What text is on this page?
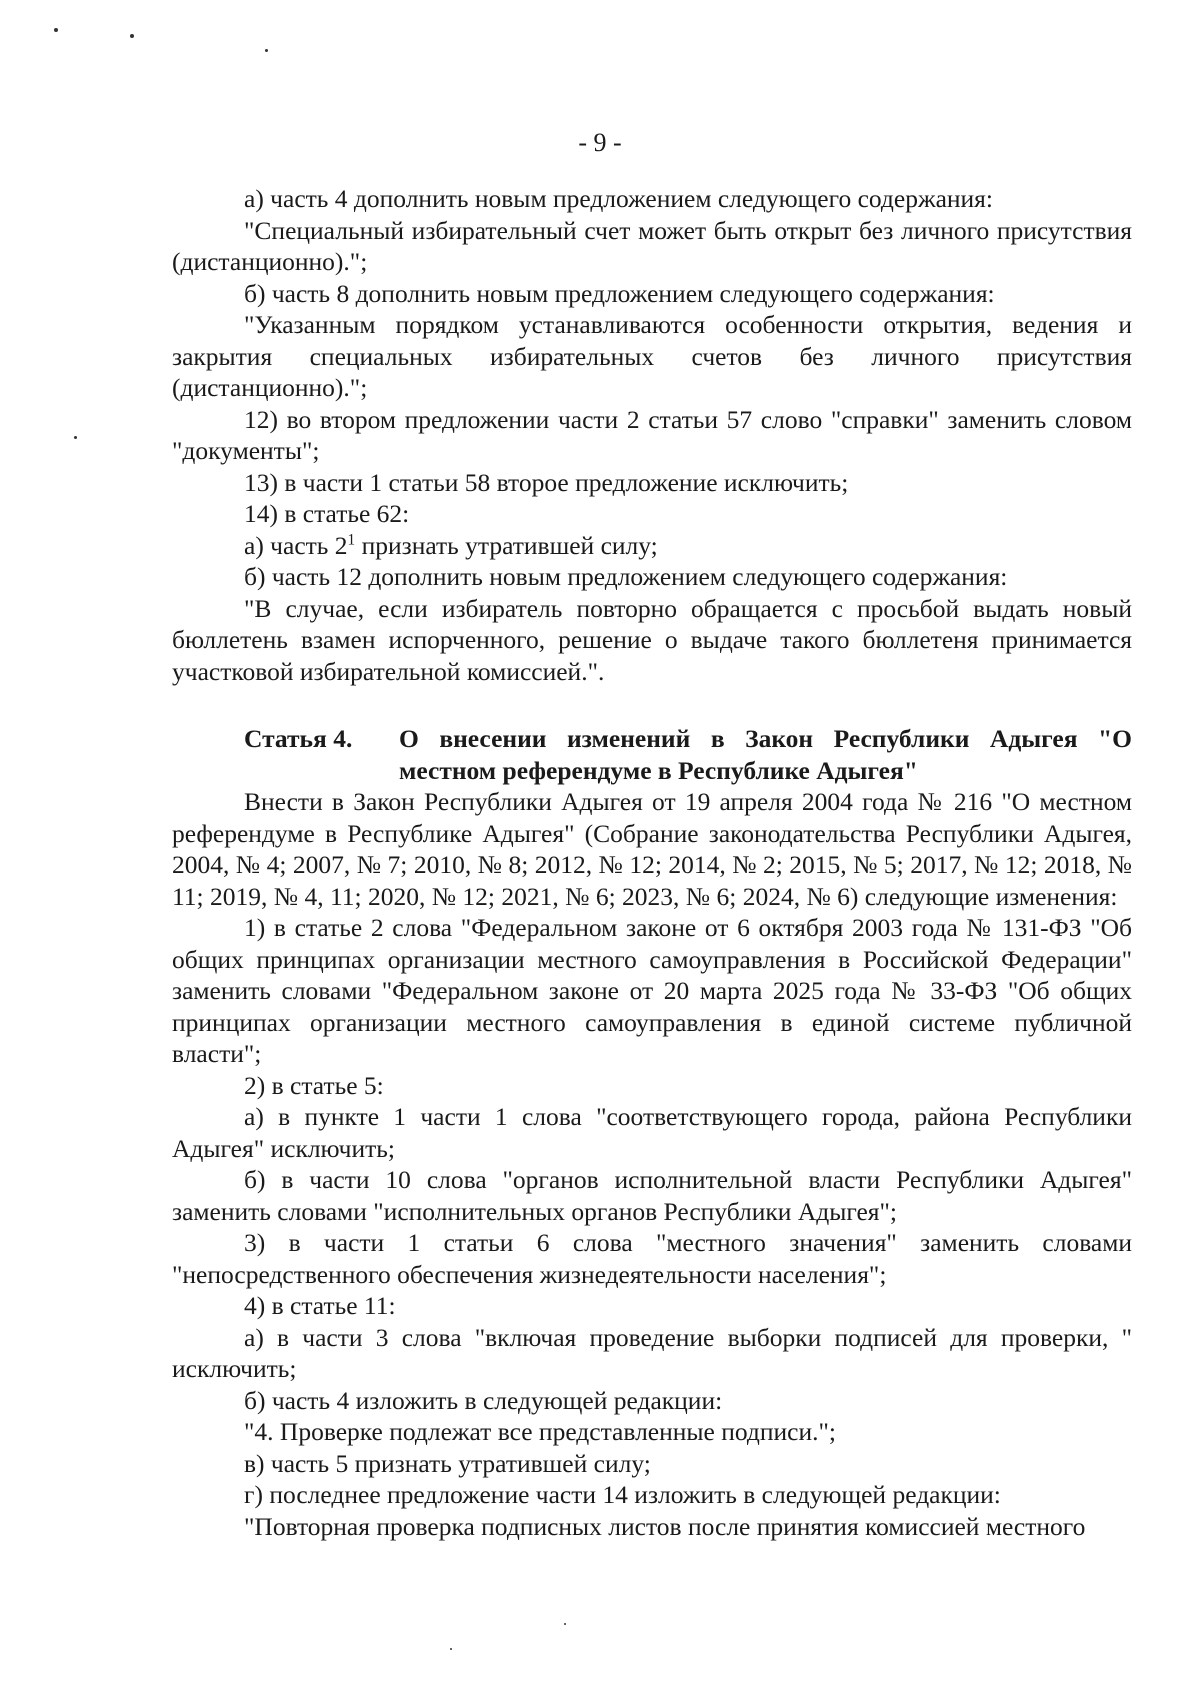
- 9 -

а) часть 4 дополнить новым предложением следующего содержания:

"Специальный избирательный счет может быть открыт без личного присутствия (дистанционно).";

б) часть 8 дополнить новым предложением следующего содержания:

"Указанным порядком устанавливаются особенности открытия, ведения и закрытия специальных избирательных счетов без личного присутствия (дистанционно).";

12) во втором предложении части 2 статьи 57 слово "справки" заменить словом "документы";

13) в части 1 статьи 58 второе предложение исключить;

14) в статье 62:

а) часть $2^1$ признать утратившей силу;

б) часть 12 дополнить новым предложением следующего содержания:

"В случае, если избиратель повторно обращается с просьбой выдать новый бюллетень взамен испорченного, решение о выдаче такого бюллетеня принимается участковой избирательной комиссией.".

Статья 4.	О внесении изменений в Закон Республики Адыгея "О местном референдуме в Республике Адыгея"

Внести в Закон Республики Адыгея от 19 апреля 2004 года № 216 "О местном референдуме в Республике Адыгея" (Собрание законодательства Республики Адыгея, 2004, № 4; 2007, № 7; 2010, № 8; 2012, № 12; 2014, № 2; 2015, № 5; 2017, № 12; 2018, № 11; 2019, № 4, 11; 2020, № 12; 2021, № 6; 2023, № 6; 2024, № 6) следующие изменения:

1) в статье 2 слова "Федеральном законе от 6 октября 2003 года № 131-ФЗ "Об общих принципах организации местного самоуправления в Российской Федерации" заменить словами "Федеральном законе от 20 марта 2025 года № 33-ФЗ "Об общих принципах организации местного самоуправления в единой системе публичной власти";

2) в статье 5:

а) в пункте 1 части 1 слова "соответствующего города, района Республики Адыгея" исключить;

б) в части 10 слова "органов исполнительной власти Республики Адыгея" заменить словами "исполнительных органов Республики Адыгея";

3) в части 1 статьи 6 слова "местного значения" заменить словами "непосредственного обеспечения жизнедеятельности населения";

4) в статье 11:

а) в части 3 слова "включая проведение выборки подписей для проверки, " исключить;

б) часть 4 изложить в следующей редакции:

"4. Проверке подлежат все представленные подписи.";

в) часть 5 признать утратившей силу;

г) последнее предложение части 14 изложить в следующей редакции:

"Повторная проверка подписных листов после принятия комиссией местного
